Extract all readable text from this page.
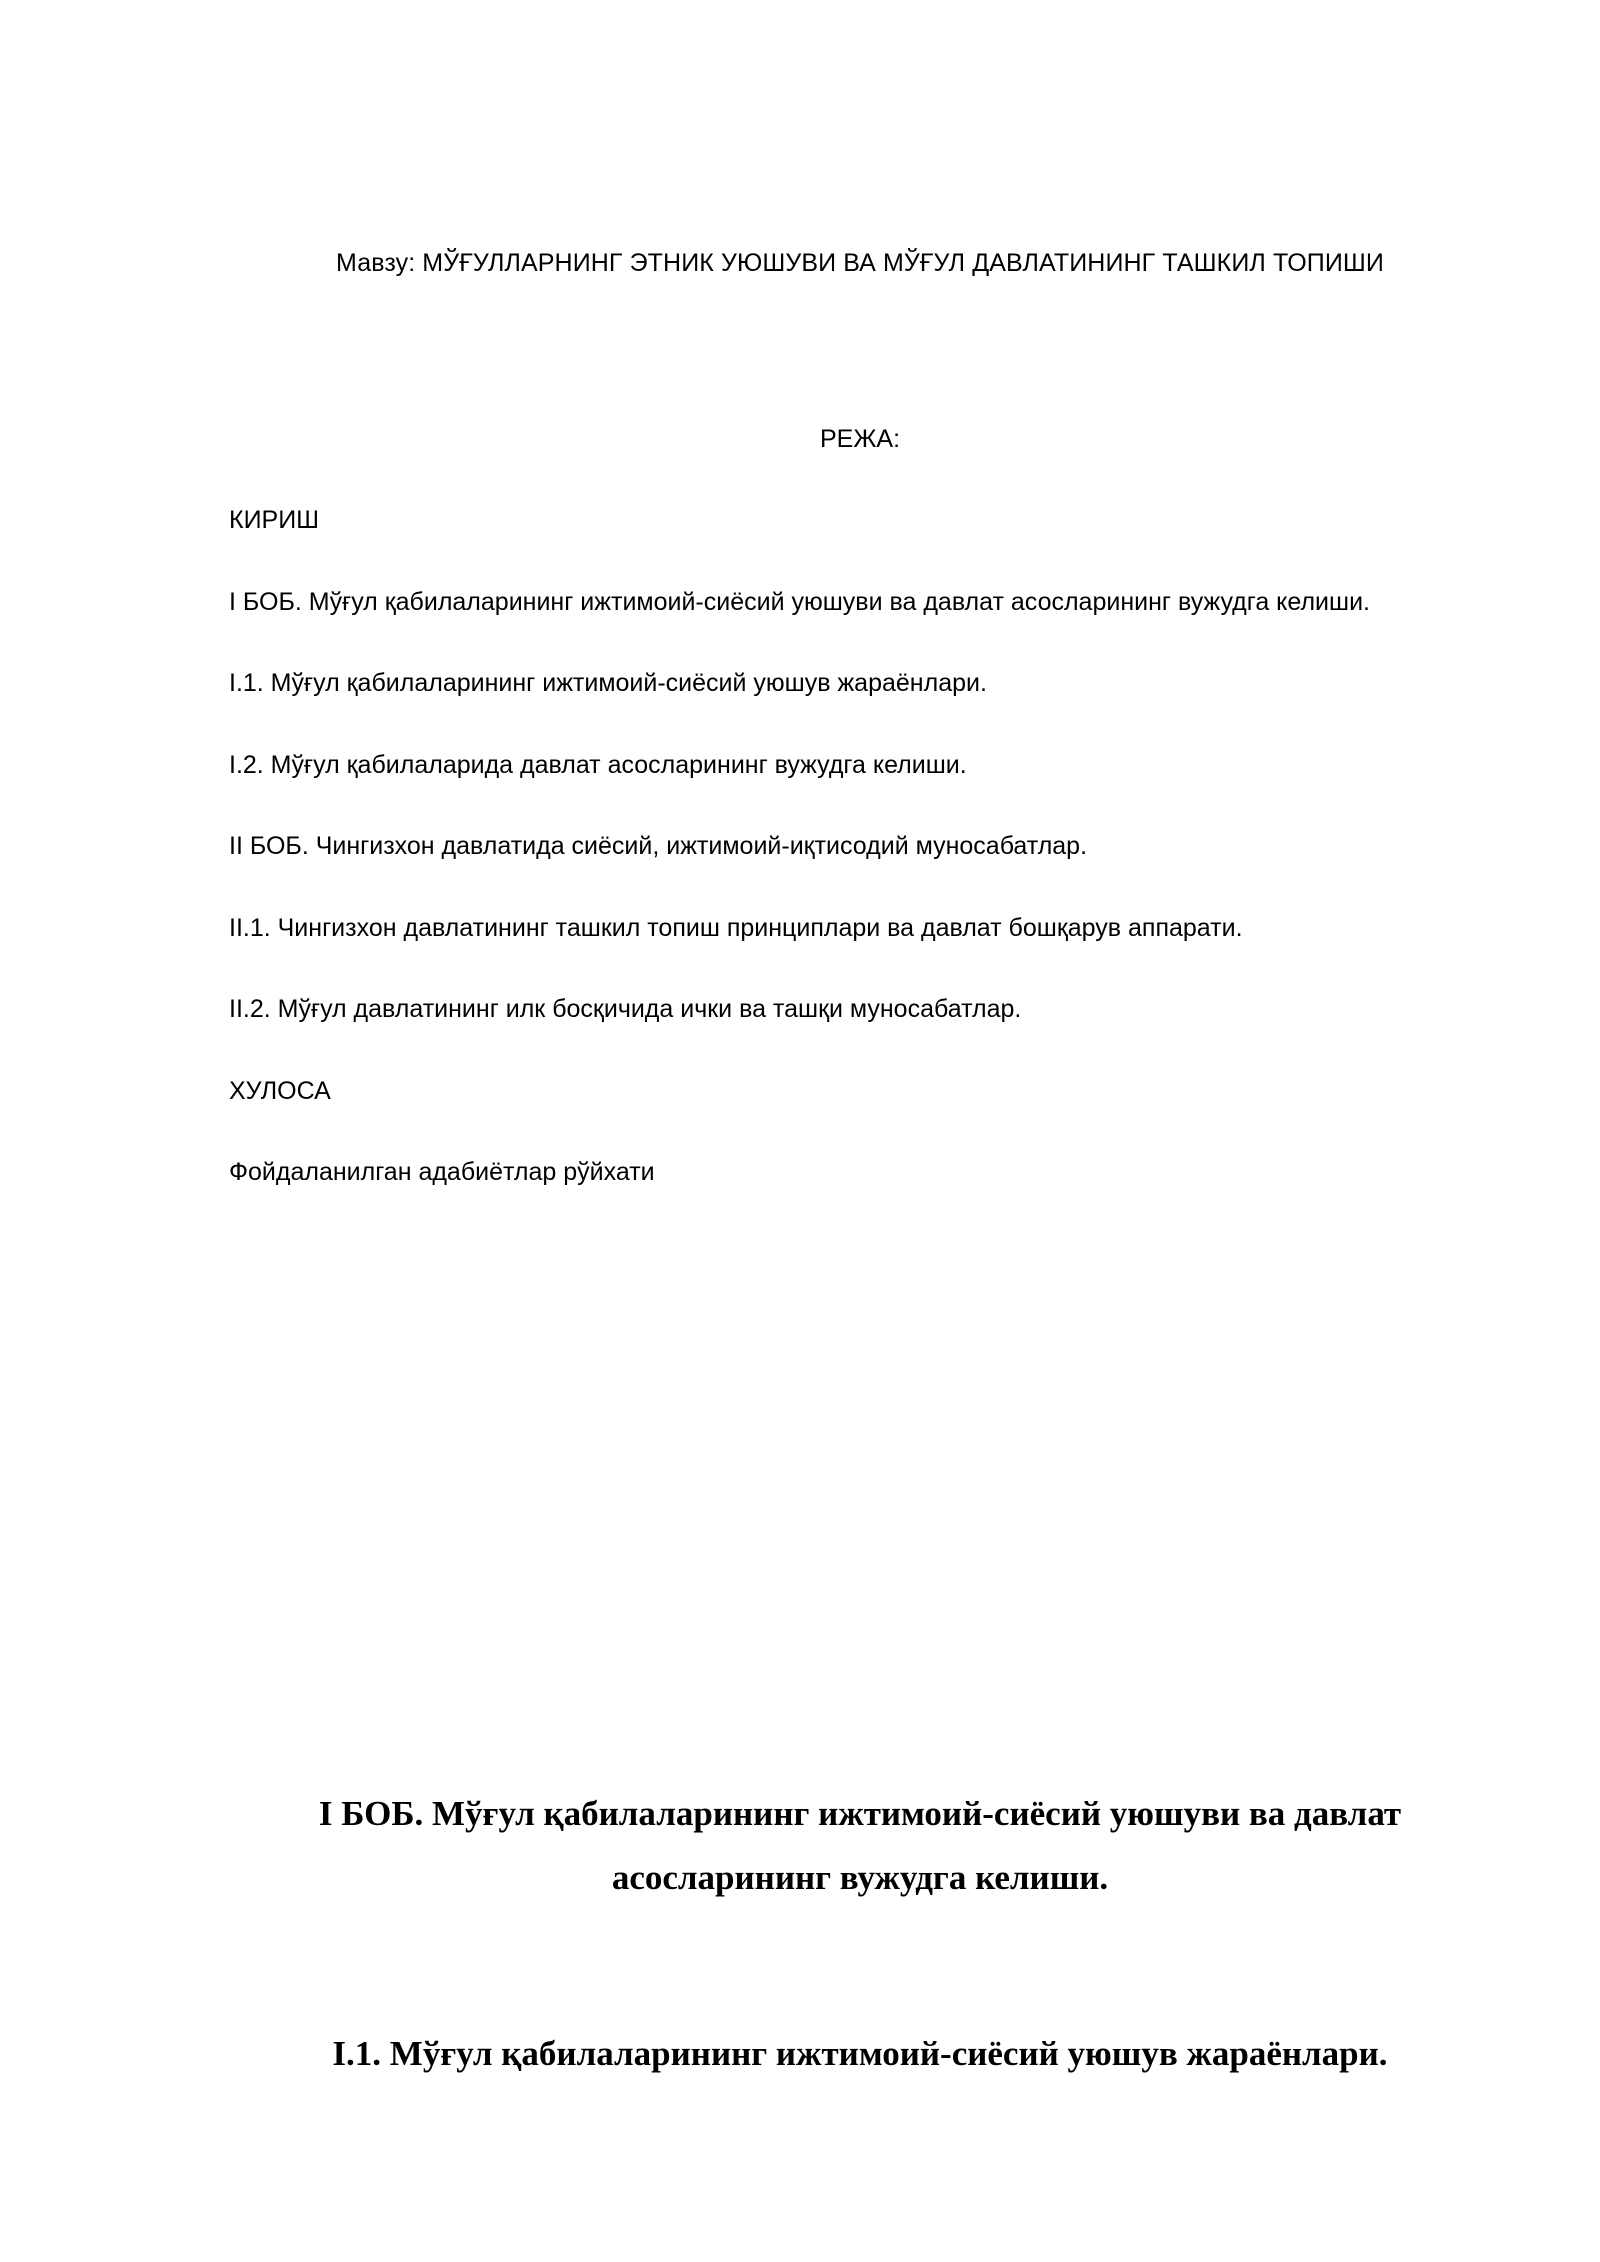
Мавзу: МЎҒУЛЛАРНИНГ ЭТНИК УЮШУВИ ВА МЎҒУЛ ДАВЛАТИНИНГ ТАШКИЛ ТОПИШИ
РЕЖА:
КИРИШ
I БОБ. Мўғул қабилаларининг ижтимоий-сиёсий уюшуви ва давлат асосларининг вужудга келиши.
I.1. Мўғул қабилаларининг ижтимоий-сиёсий уюшув жараёнлари.
I.2. Мўғул қабилаларида давлат асосларининг вужудга келиши.
II БОБ. Чингизхон давлатида сиёсий, ижтимоий-иқтисодий муносабатлар.
II.1. Чингизхон давлатининг ташкил топиш принциплари ва давлат бошқарув аппарати.
II.2. Мўғул давлатининг илк босқичида ички ва ташқи муносабатлар.
ХУЛОСА
Фойдаланилган адабиётлар рўйхати
I БОБ. Мўғул қабилаларининг ижтимоий-сиёсий уюшуви ва давлат
асосларининг вужудга келиши.
I.1. Мўғул қабилаларининг ижтимоий-сиёсий уюшув жараёнлари.
